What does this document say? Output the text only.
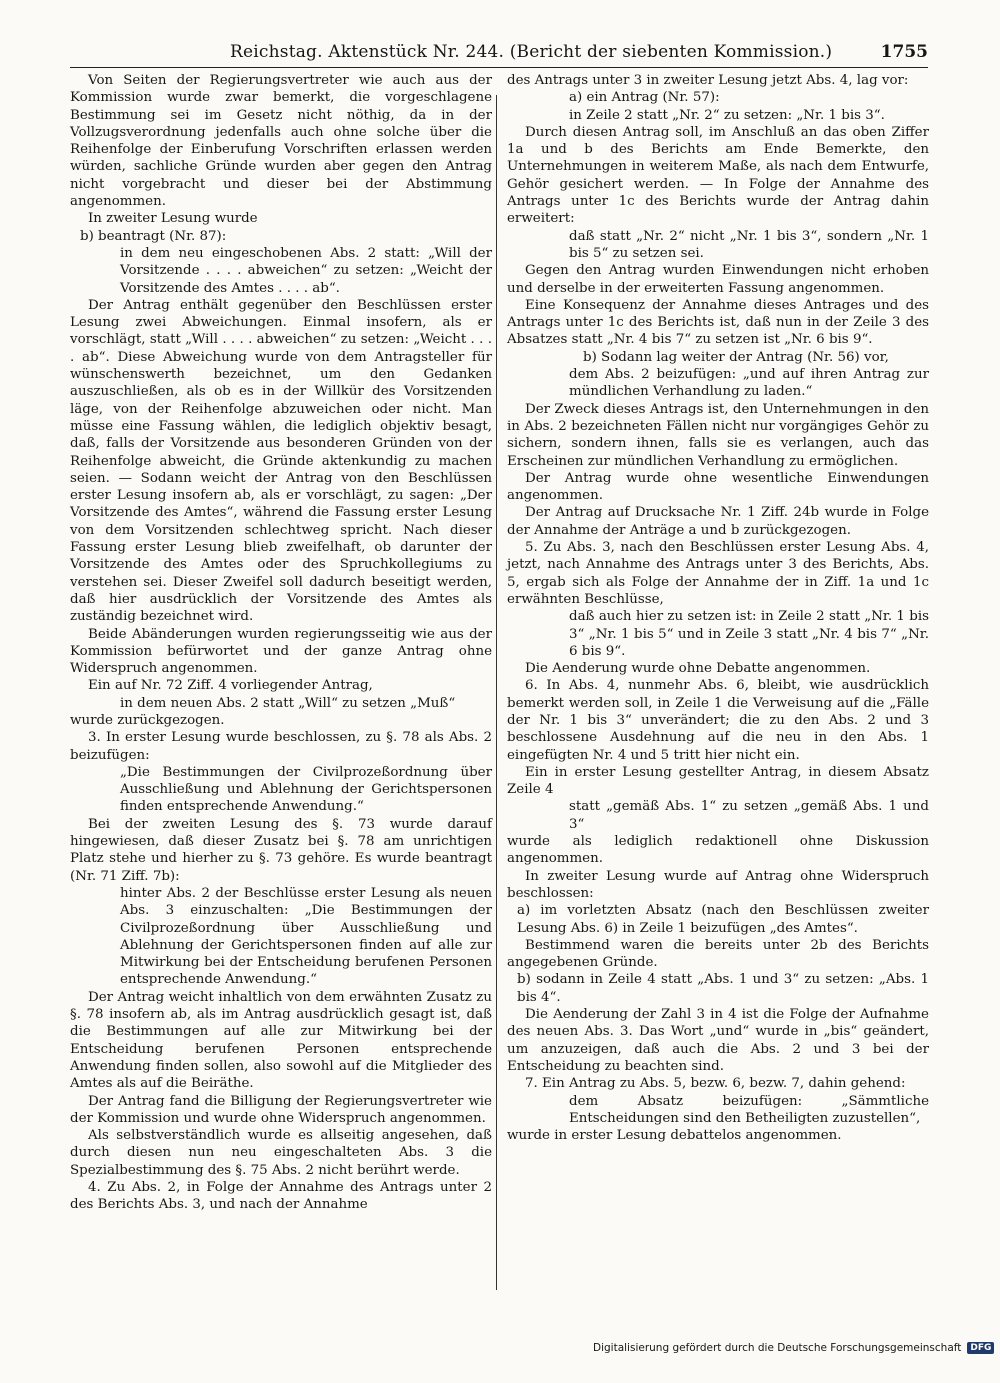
Reichstag. Aktenstück Nr. 244. (Bericht der siebenten Kommission.)	1755

Von Seiten der Regierungsvertreter wie auch aus der Kommission wurde zwar bemerkt, die vorgeschlagene Bestimmung sei im Gesetz nicht nöthig, da in der Vollzugsverordnung jedenfalls auch ohne solche über die Reihenfolge der Einberufung Vorschriften erlassen werden würden, sachliche Gründe wurden aber gegen den Antrag nicht vorgebracht und dieser bei der Abstimmung angenommen.

In zweiter Lesung wurde

b) beantragt (Nr. 87):

in dem neu eingeschobenen Abs. 2 statt: „Will der Vorsitzende . . . . abweichen“ zu setzen: „Weicht der Vorsitzende des Amtes . . . . ab“.

Der Antrag enthält gegenüber den Beschlüssen erster Lesung zwei Abweichungen. Einmal insofern, als er vorschlägt, statt „Will . . . . abweichen“ zu setzen: „Weicht . . . . ab“. Diese Abweichung wurde von dem Antragsteller für wünschenswerth bezeichnet, um den Gedanken auszuschließen, als ob es in der Willkür des Vorsitzenden läge, von der Reihenfolge abzuweichen oder nicht. Man müsse eine Fassung wählen, die lediglich objektiv besagt, daß, falls der Vorsitzende aus besonderen Gründen von der Reihenfolge abweicht, die Gründe aktenkundig zu machen seien. — Sodann weicht der Antrag von den Beschlüssen erster Lesung insofern ab, als er vorschlägt, zu sagen: „Der Vorsitzende des Amtes“, während die Fassung erster Lesung von dem Vorsitzenden schlechtweg spricht. Nach dieser Fassung erster Lesung blieb zweifelhaft, ob darunter der Vorsitzende des Amtes oder des Spruchkollegiums zu verstehen sei. Dieser Zweifel soll dadurch beseitigt werden, daß hier ausdrücklich der Vorsitzende des Amtes als zuständig bezeichnet wird.

Beide Abänderungen wurden regierungsseitig wie aus der Kommission befürwortet und der ganze Antrag ohne Widerspruch angenommen.

Ein auf Nr. 72 Ziff. 4 vorliegender Antrag,

in dem neuen Abs. 2 statt „Will“ zu setzen „Muß“

wurde zurückgezogen.

3. In erster Lesung wurde beschlossen, zu §. 78 als Abs. 2 beizufügen:

„Die Bestimmungen der Civilprozeßordnung über Ausschließung und Ablehnung der Gerichtspersonen finden entsprechende Anwendung.“

Bei der zweiten Lesung des §. 73 wurde darauf hingewiesen, daß dieser Zusatz bei §. 78 am unrichtigen Platz stehe und hierher zu §. 73 gehöre. Es wurde beantragt (Nr. 71 Ziff. 7b):

hinter Abs. 2 der Beschlüsse erster Lesung als neuen Abs. 3 einzuschalten: „Die Bestimmungen der Civilprozeßordnung über Ausschließung und Ablehnung der Gerichtspersonen finden auf alle zur Mitwirkung bei der Entscheidung berufenen Personen entsprechende Anwendung.“

Der Antrag weicht inhaltlich von dem erwähnten Zusatz zu §. 78 insofern ab, als im Antrag ausdrücklich gesagt ist, daß die Bestimmungen auf alle zur Mitwirkung bei der Entscheidung berufenen Personen entsprechende Anwendung finden sollen, also sowohl auf die Mitglieder des Amtes als auf die Beiräthe.

Der Antrag fand die Billigung der Regierungsvertreter wie der Kommission und wurde ohne Widerspruch angenommen.

Als selbstverständlich wurde es allseitig angesehen, daß durch diesen nun neu eingeschalteten Abs. 3 die Spezialbestimmung des §. 75 Abs. 2 nicht berührt werde.

4. Zu Abs. 2, in Folge der Annahme des Antrags unter 2 des Berichts Abs. 3, und nach der Annahme

des Antrags unter 3 in zweiter Lesung jetzt Abs. 4, lag vor:

a) ein Antrag (Nr. 57):

in Zeile 2 statt „Nr. 2“ zu setzen: „Nr. 1 bis 3“.

Durch diesen Antrag soll, im Anschluß an das oben Ziffer 1a und b des Berichts am Ende Bemerkte, den Unternehmungen in weiterem Maße, als nach dem Entwurfe, Gehör gesichert werden. — In Folge der Annahme des Antrags unter 1c des Berichts wurde der Antrag dahin erweitert:

daß statt „Nr. 2“ nicht „Nr. 1 bis 3“, sondern „Nr. 1 bis 5“ zu setzen sei.

Gegen den Antrag wurden Einwendungen nicht erhoben und derselbe in der erweiterten Fassung angenommen.

Eine Konsequenz der Annahme dieses Antrages und des Antrags unter 1c des Berichts ist, daß nun in der Zeile 3 des Absatzes statt „Nr. 4 bis 7“ zu setzen ist „Nr. 6 bis 9“.

b) Sodann lag weiter der Antrag (Nr. 56) vor,

dem Abs. 2 beizufügen: „und auf ihren Antrag zur mündlichen Verhandlung zu laden.“

Der Zweck dieses Antrags ist, den Unternehmungen in den in Abs. 2 bezeichneten Fällen nicht nur vorgängiges Gehör zu sichern, sondern ihnen, falls sie es verlangen, auch das Erscheinen zur mündlichen Verhandlung zu ermöglichen.

Der Antrag wurde ohne wesentliche Einwendungen angenommen.

Der Antrag auf Drucksache Nr. 1 Ziff. 24b wurde in Folge der Annahme der Anträge a und b zurückgezogen.

5. Zu Abs. 3, nach den Beschlüssen erster Lesung Abs. 4, jetzt, nach Annahme des Antrags unter 3 des Berichts, Abs. 5, ergab sich als Folge der Annahme der in Ziff. 1a und 1c erwähnten Beschlüsse,

daß auch hier zu setzen ist: in Zeile 2 statt „Nr. 1 bis 3“ „Nr. 1 bis 5“ und in Zeile 3 statt „Nr. 4 bis 7“ „Nr. 6 bis 9“.

Die Aenderung wurde ohne Debatte angenommen.

6. In Abs. 4, nunmehr Abs. 6, bleibt, wie ausdrücklich bemerkt werden soll, in Zeile 1 die Verweisung auf die „Fälle der Nr. 1 bis 3“ unverändert; die zu den Abs. 2 und 3 beschlossene Ausdehnung auf die neu in den Abs. 1 eingefügten Nr. 4 und 5 tritt hier nicht ein.

Ein in erster Lesung gestellter Antrag, in diesem Absatz Zeile 4

statt „gemäß Abs. 1“ zu setzen „gemäß Abs. 1 und 3“

wurde als lediglich redaktionell ohne Diskussion angenommen.

In zweiter Lesung wurde auf Antrag ohne Widerspruch beschlossen:

a) im vorletzten Absatz (nach den Beschlüssen zweiter Lesung Abs. 6) in Zeile 1 beizufügen „des Amtes“.

Bestimmend waren die bereits unter 2b des Berichts angegebenen Gründe.

b) sodann in Zeile 4 statt „Abs. 1 und 3“ zu setzen: „Abs. 1 bis 4“.

Die Aenderung der Zahl 3 in 4 ist die Folge der Aufnahme des neuen Abs. 3. Das Wort „und“ wurde in „bis“ geändert, um anzuzeigen, daß auch die Abs. 2 und 3 bei der Entscheidung zu beachten sind.

7. Ein Antrag zu Abs. 5, bezw. 6, bezw. 7, dahin gehend:

dem Absatz beizufügen: „Sämmtliche Entscheidungen sind den Betheiligten zuzustellen“,

wurde in erster Lesung debattelos angenommen.

Digitalisierung gefördert durch die Deutsche Forschungsgemeinschaft	DFG
